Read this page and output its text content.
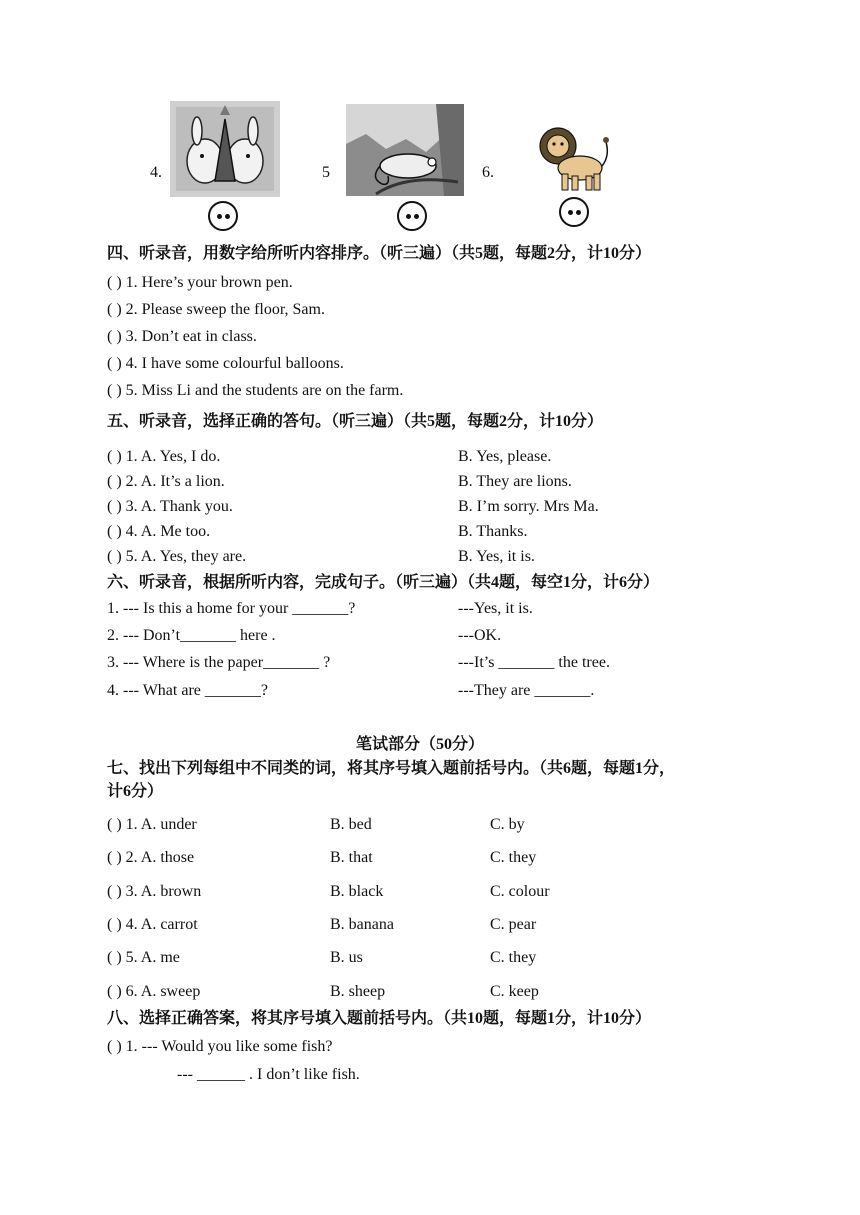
4.	5	6.
四、听录音，用数字给所听内容排序。（听三遍）（共5题，每题2分，计10分）
( ) 1. Here’s your brown pen.
( ) 2. Please sweep the floor, Sam.
( ) 3. Don’t eat in class.
( ) 4. I have some colourful balloons.
( ) 5. Miss Li and the students are on the farm.
五、听录音，选择正确的答句。（听三遍）（共5题，每题2分，计10分）
( ) 1. A. Yes, I do.	B. Yes, please.
( ) 2. A. It’s a lion.	B. They are lions.
( ) 3. A. Thank you.	B. I’m sorry. Mrs Ma.
( ) 4. A. Me too.	B. Thanks.
( ) 5. A. Yes, they are.	B. Yes, it is.
六、听录音，根据所听内容，完成句子。（听三遍）（共4题，每空1分，计6分）
1. --- Is this a home for your _______?	---Yes, it is.
2. --- Don’t_______ here .	---OK.
3. --- Where is the paper_______ ?	---It’s _______ the tree.
4. --- What are _______?	---They are _______.
笔试部分（50分）
七、找出下列每组中不同类的词，将其序号填入题前括号内。（共6题，每题1分，
计6分）
( ) 1. A. under	B. bed	C. by
( ) 2. A. those	B. that	C. they
( ) 3. A. brown	B. black	C. colour
( ) 4. A. carrot	B. banana	C. pear
( ) 5. A. me	B. us	C. they
( ) 6. A. sweep	B. sheep	C. keep
八、选择正确答案，将其序号填入题前括号内。（共10题，每题1分，计10分）
( ) 1. --- Would you like some fish?
--- ______ . I don’t like fish.
